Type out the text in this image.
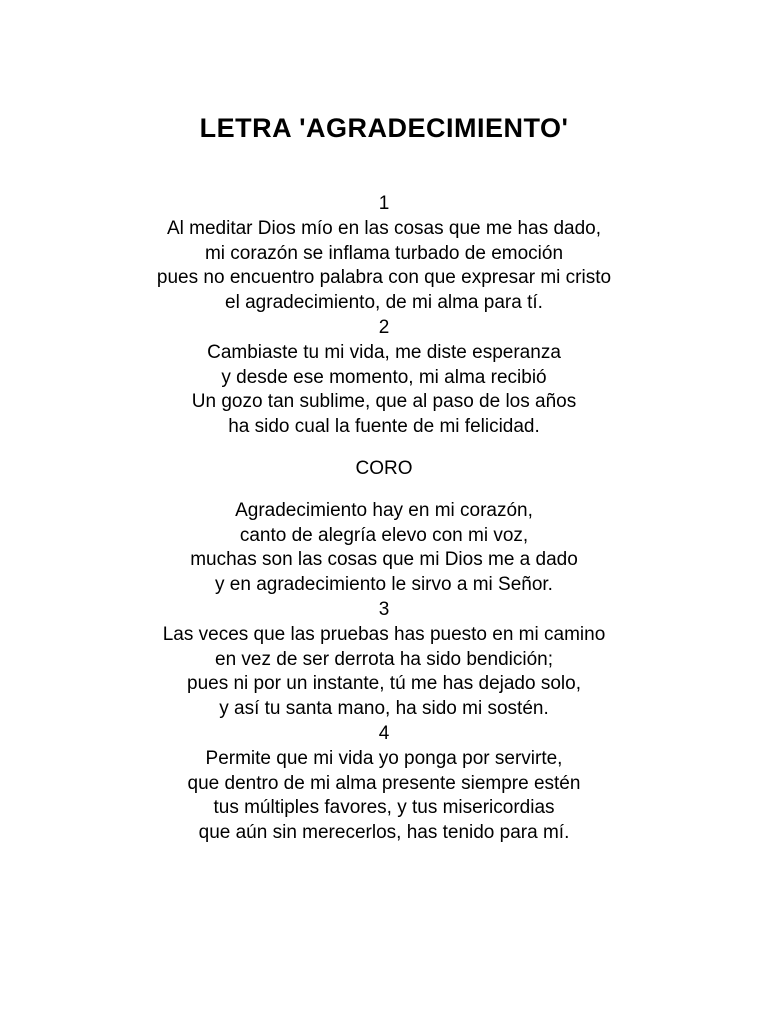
LETRA 'AGRADECIMIENTO'
1
Al meditar Dios mío en las cosas que me has dado,
mi corazón se inflama turbado de emoción
pues no encuentro palabra con que expresar mi cristo
el agradecimiento, de mi alma para tí.
2
Cambiaste tu mi vida, me diste esperanza
y desde ese momento, mi alma recibió
Un gozo tan sublime, que al paso de los años
ha sido cual la fuente de mi felicidad.
CORO
Agradecimiento hay en mi corazón,
canto de alegría elevo con mi voz,
muchas son las cosas que mi Dios me a dado
y en agradecimiento le sirvo a mi Señor.
3
Las veces que las pruebas has puesto en mi camino
en vez de ser derrota ha sido bendición;
pues ni por un instante, tú me has dejado solo,
y así tu santa mano, ha sido mi sostén.
4
Permite que mi vida yo ponga por servirte,
que dentro de mi alma presente siempre estén
tus múltiples favores, y tus misericordias
que aún sin merecerlos, has tenido para mí.
